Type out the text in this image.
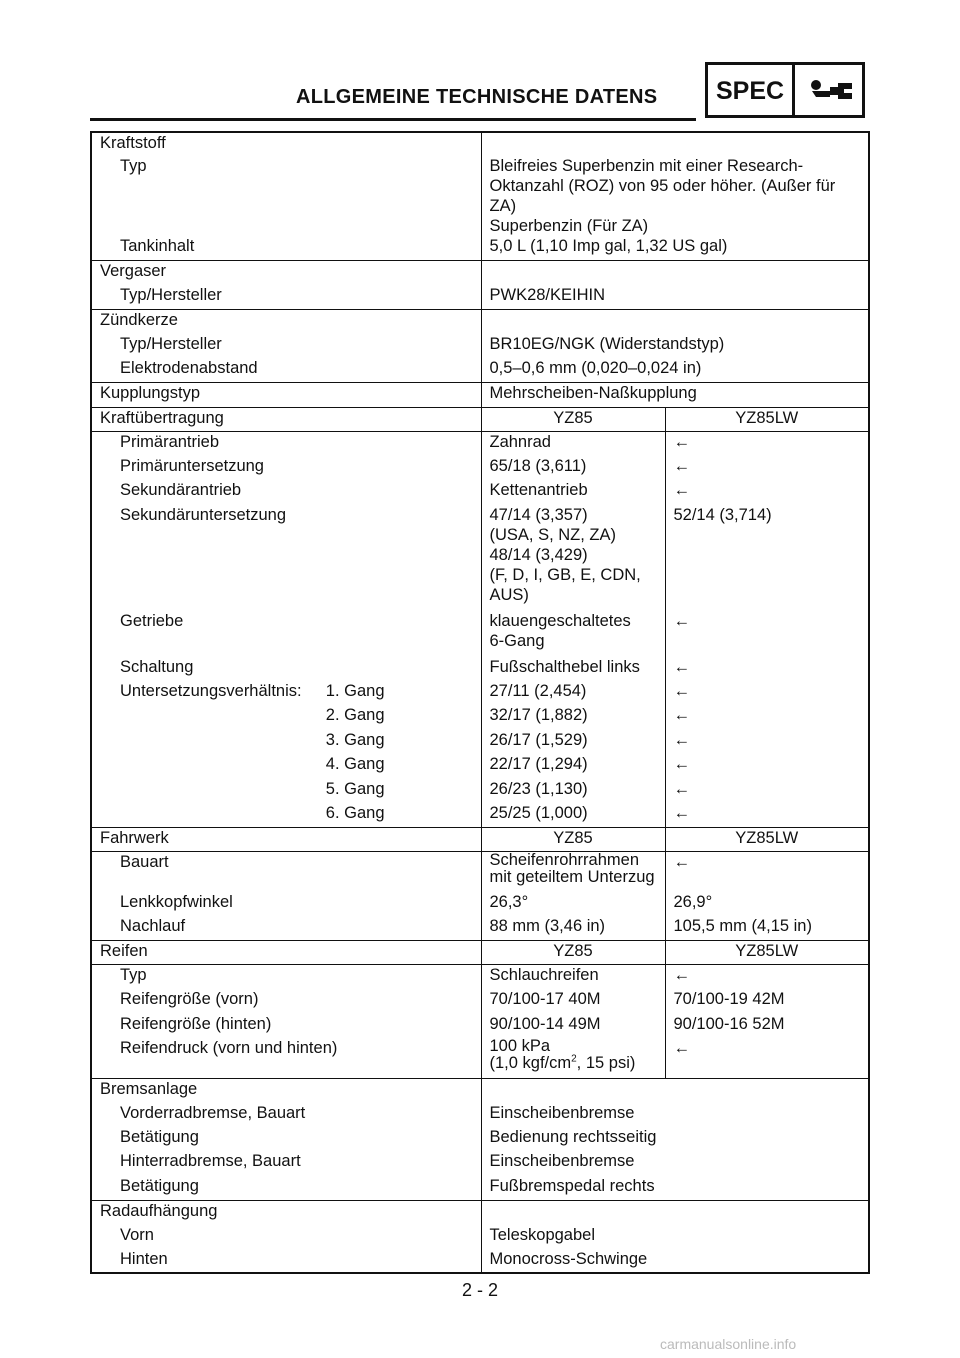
ALLGEMEINE TECHNISCHE DATENS SPEC
Kraftstoff		
Typ	Bleifreies Superbenzin mit einer Research-
Oktanzahl (ROZ) von 95 oder höher. (Außer für
ZA)
Superbenzin (Für ZA)	

Tankinhalt	5,0 L (1,10 Imp gal, 1,32 US gal)	
Vergaser		
Typ/Hersteller	PWK28/KEIHIN	
Zündkerze		
Typ/Hersteller	BR10EG/NGK (Widerstandstyp)	
Elektrodenabstand	0,5–0,6 mm (0,020–0,024 in)	
Kupplungstyp	Mehrscheiben-Naßkupplung	
Kraftübertragung	YZ85	YZ85LW
Primärantrieb	Zahnrad	←
Primäruntersetzung	65/18 (3,611)	←
Sekundärantrieb	Kettenantrieb	←
Sekundäruntersetzung	47/14 (3,357)
(USA, S, NZ, ZA)
48/14 (3,429)
(F, D, I, GB, E, CDN,
AUS)	52/14 (3,714)
Getriebe	klauengeschaltetes
6-Gang	←
Schaltung	Fußschalthebel links	←

Untersetzungsverhältnis: 1. Gang	27/11 (2,454)	←
2. Gang	32/17 (1,882)	←
3. Gang	26/17 (1,529)	←
4. Gang	22/17 (1,294)	←
5. Gang	26/23 (1,130)	←
6. Gang	25/25 (1,000)	←
Fahrwerk	YZ85	YZ85LW
Bauart	Scheifenrohrrahmen
mit geteiltem Unterzug	←
Lenkkopfwinkel	26,3°	26,9°
Nachlauf	88 mm (3,46 in)	105,5 mm (4,15 in)
Reifen	YZ85	YZ85LW
Typ	Schlauchreifen	←
Reifengröße (vorn)	70/100-17 40M	70/100-19 42M
Reifengröße (hinten)	90/100-14 49M	90/100-16 52M
Reifendruck (vorn und hinten)	100 kPa
(1,0 kgf/$cm^2$, 15 psi)	←
Bremsanlage		
Vorderradbremse, Bauart	Einscheibenbremse	
Betätigung	Bedienung rechtsseitig	
Hinterradbremse, Bauart	Einscheibenbremse	
Betätigung	Fußbremspedal rechts	
Radaufhängung		
Vorn	Teleskopgabel	
Hinten	Monocross-Schwinge	
2 - 2
carmanualsonline.info
